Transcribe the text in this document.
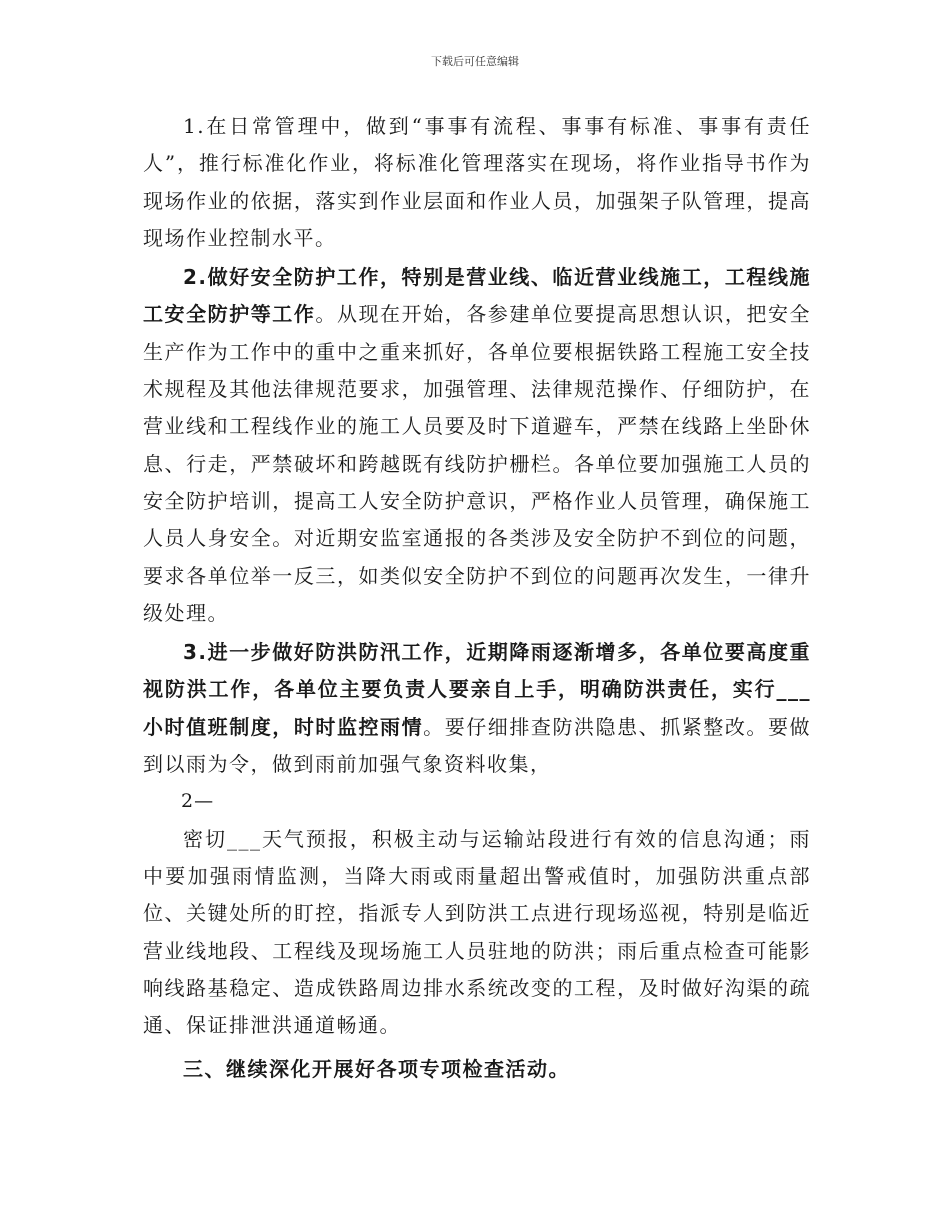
下载后可任意编辑

1.在日常管理中，做到“事事有流程、事事有标准、事事有责任人”，推行标准化作业，将标准化管理落实在现场，将作业指导书作为现场作业的依据，落实到作业层面和作业人员，加强架子队管理，提高现场作业控制水平。

2.做好安全防护工作，特别是营业线、临近营业线施工，工程线施工安全防护等工作。从现在开始，各参建单位要提高思想认识，把安全生产作为工作中的重中之重来抓好，各单位要根据铁路工程施工安全技术规程及其他法律规范要求，加强管理、法律规范操作、仔细防护，在营业线和工程线作业的施工人员要及时下道避车，严禁在线路上坐卧休息、行走，严禁破坏和跨越既有线防护栅栏。各单位要加强施工人员的安全防护培训，提高工人安全防护意识，严格作业人员管理，确保施工人员人身安全。对近期安监室通报的各类涉及安全防护不到位的问题，要求各单位举一反三，如类似安全防护不到位的问题再次发生，一律升级处理。

3.进一步做好防洪防汛工作，近期降雨逐渐增多，各单位要高度重视防洪工作，各单位主要负责人要亲自上手，明确防洪责任，实行___小时值班制度，时时监控雨情。要仔细排查防洪隐患、抓紧整改。要做到以雨为令，做到雨前加强气象资料收集，

2—

密切___天气预报，积极主动与运输站段进行有效的信息沟通；雨中要加强雨情监测，当降大雨或雨量超出警戒值时，加强防洪重点部位、关键处所的盯控，指派专人到防洪工点进行现场巡视，特别是临近营业线地段、工程线及现场施工人员驻地的防洪；雨后重点检查可能影响线路基稳定、造成铁路周边排水系统改变的工程，及时做好沟渠的疏通、保证排泄洪通道畅通。

三、继续深化开展好各项专项检查活动。
